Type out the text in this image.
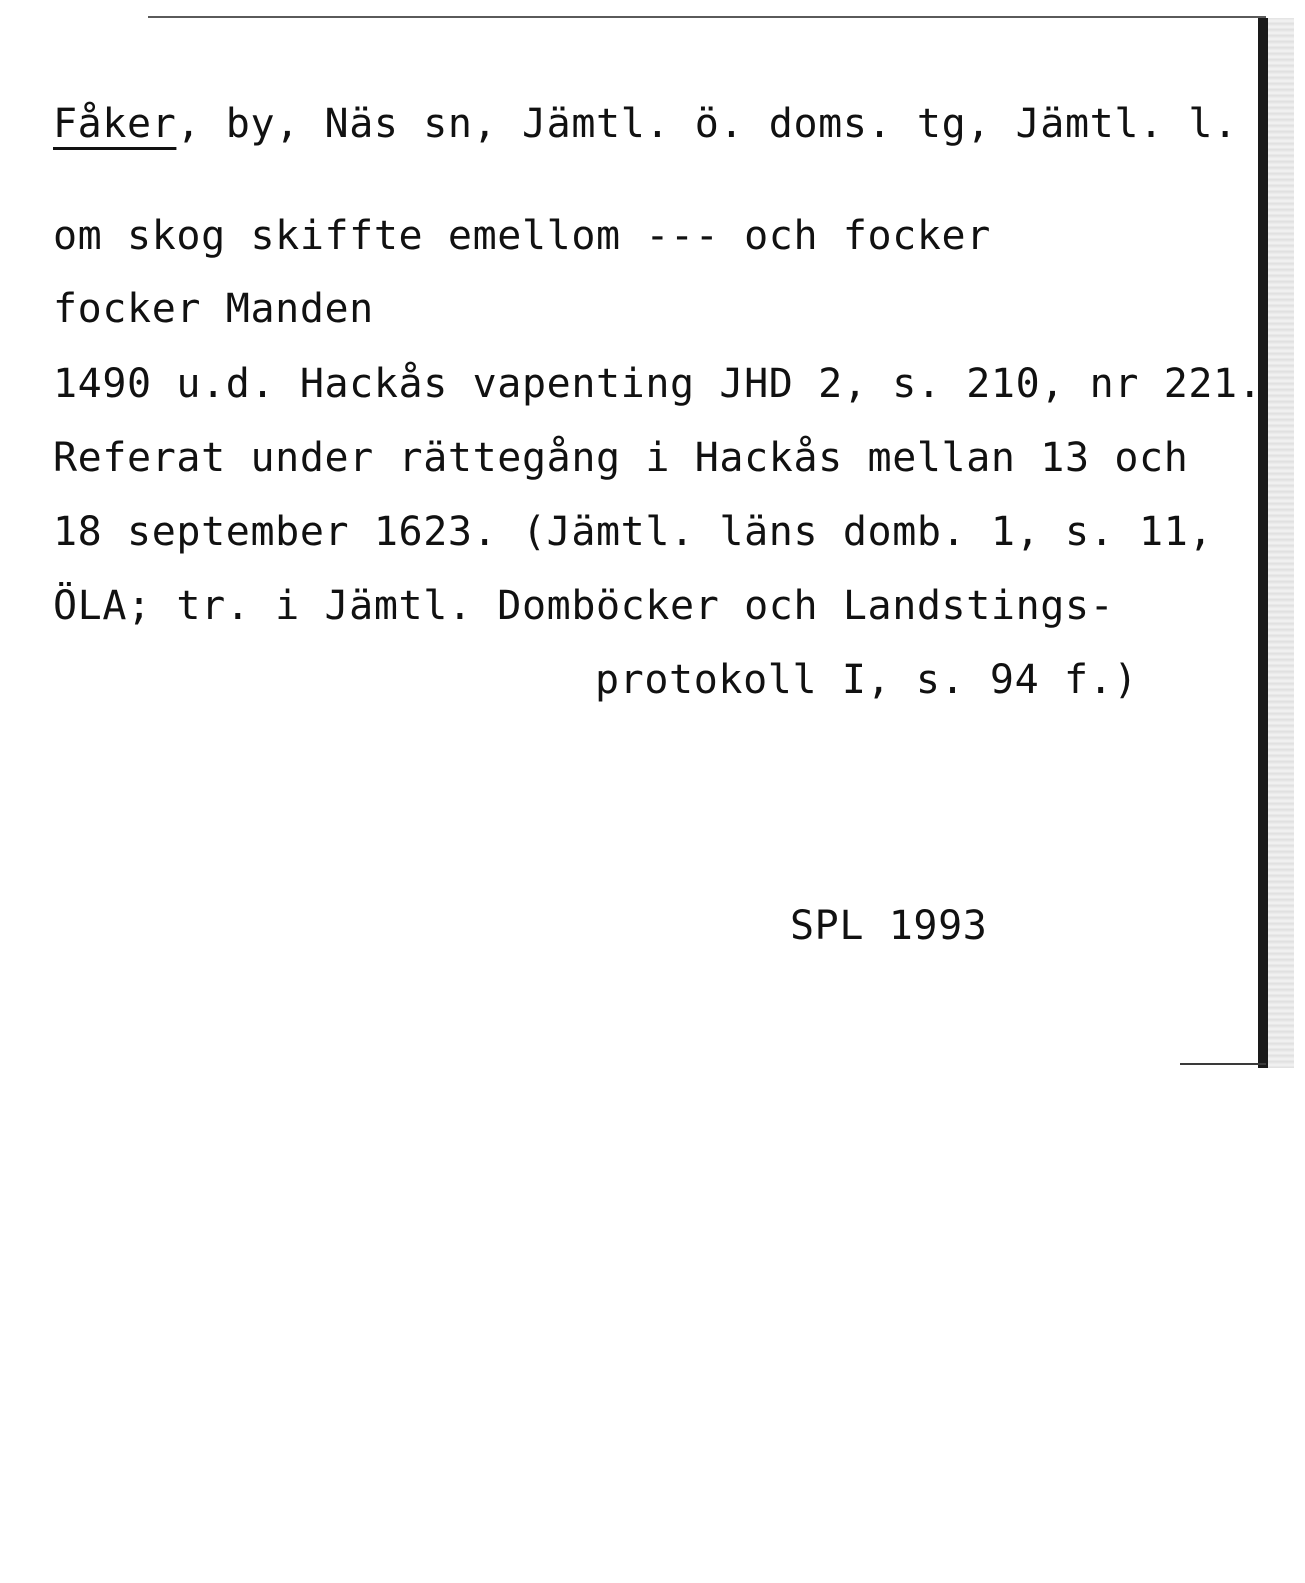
Fåker, by, Näs sn, Jämtl. ö. doms. tg, Jämtl. l.

om skog skiffte emellom --- och focker

focker Manden

1490 u.d. Hackås vapenting JHD 2, s. 210, nr 221.

Referat under rättegång i Hackås mellan 13 och

18 september 1623. (Jämtl. läns domb. 1, s. 11,

ÖLA; tr. i Jämtl. Domböcker och Landstings-

protokoll I, s. 94 f.)

SPL 1993
